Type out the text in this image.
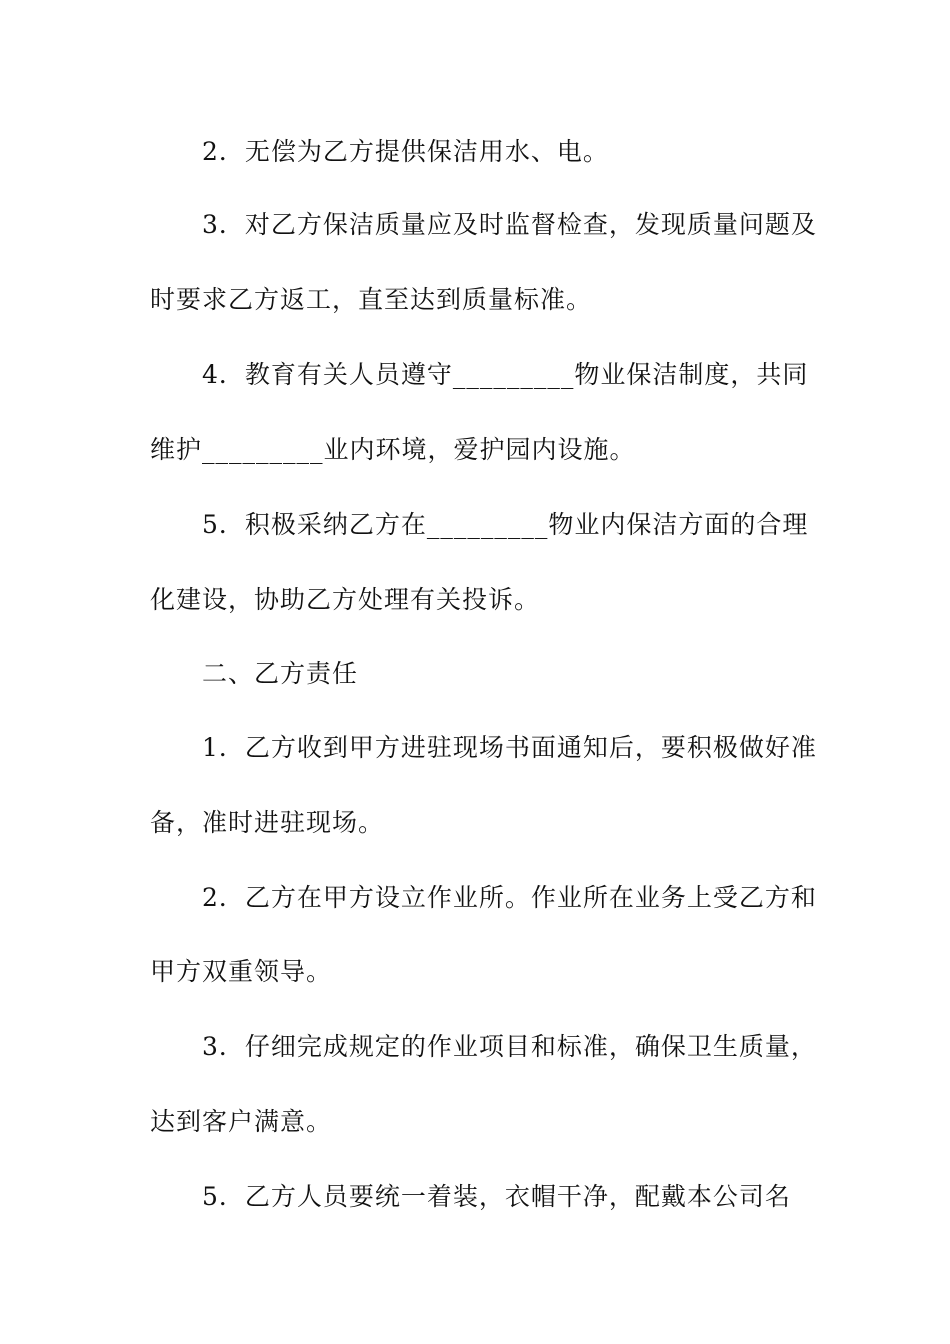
2．无偿为乙方提供保洁用水、电。
3．对乙方保洁质量应及时监督检查，发现质量问题及
时要求乙方返工，直至达到质量标准。
4．教育有关人员遵守_________物业保洁制度，共同
维护_________业内环境，爱护园内设施。
5．积极采纳乙方在_________物业内保洁方面的合理
化建设，协助乙方处理有关投诉。
二、乙方责任
1．乙方收到甲方进驻现场书面通知后，要积极做好准
备，准时进驻现场。
2．乙方在甲方设立作业所。作业所在业务上受乙方和
甲方双重领导。
3．仔细完成规定的作业项目和标准，确保卫生质量，
达到客户满意。
5．乙方人员要统一着装，衣帽干净，配戴本公司名
